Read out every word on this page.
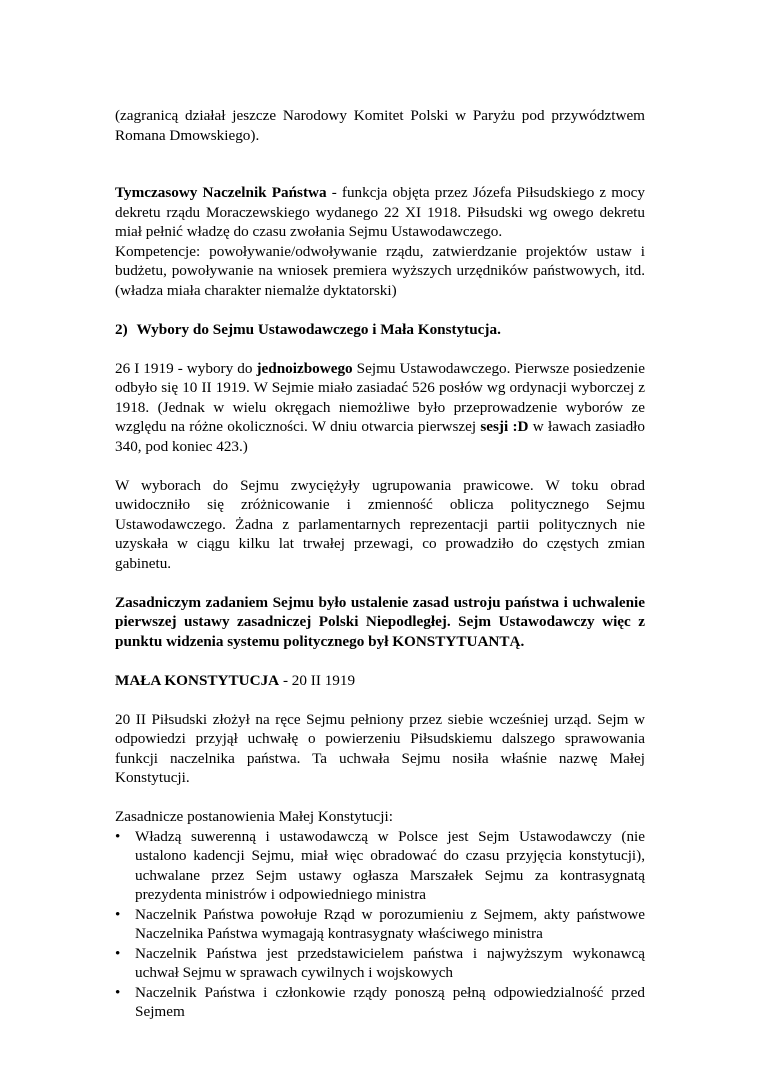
(zagranicą działał jeszcze Narodowy Komitet Polski w Paryżu pod przywództwem Romana Dmowskiego).

Tymczasowy Naczelnik Państwa - funkcja objęta przez Józefa Piłsudskiego z mocy dekretu rządu Moraczewskiego wydanego 22 XI 1918. Piłsudski wg owego dekretu miał pełnić władzę do czasu zwołania Sejmu Ustawodawczego.
Kompetencje: powoływanie/odwoływanie rządu, zatwierdzanie projektów ustaw i budżetu, powoływanie na wniosek premiera wyższych urzędników państwowych, itd. (władza miała charakter niemalże dyktatorski)

2) Wybory do Sejmu Ustawodawczego i Mała Konstytucja.

26 I 1919 - wybory do jednoizbowego Sejmu Ustawodawczego. Pierwsze posiedzenie odbyło się 10 II 1919. W Sejmie miało zasiadać 526 posłów wg ordynacji wyborczej z 1918. (Jednak w wielu okręgach niemożliwe było przeprowadzenie wyborów ze względu na różne okoliczności. W dniu otwarcia pierwszej sesji :D w ławach zasiadło 340, pod koniec 423.)

W wyborach do Sejmu zwyciężyły ugrupowania prawicowe. W toku obrad uwidoczniło się zróżnicowanie i zmienność oblicza politycznego Sejmu Ustawodawczego. Żadna z parlamentarnych reprezentacji partii politycznych nie uzyskała w ciągu kilku lat trwałej przewagi, co prowadziło do częstych zmian gabinetu.

Zasadniczym zadaniem Sejmu było ustalenie zasad ustroju państwa i uchwalenie pierwszej ustawy zasadniczej Polski Niepodległej. Sejm Ustawodawczy więc z punktu widzenia systemu politycznego był KONSTYTUANTĄ.

MAŁA KONSTYTUCJA - 20 II 1919

20 II Piłsudski złożył na ręce Sejmu pełniony przez siebie wcześniej urząd. Sejm w odpowiedzi przyjął uchwałę o powierzeniu Piłsudskiemu dalszego sprawowania funkcji naczelnika państwa. Ta uchwała Sejmu nosiła właśnie nazwę Małej Konstytucji.

Zasadnicze postanowienia Małej Konstytucji:

• Władzą suwerenną i ustawodawczą w Polsce jest Sejm Ustawodawczy (nie ustalono kadencji Sejmu, miał więc obradować do czasu przyjęcia konstytucji), uchwalane przez Sejm ustawy ogłasza Marszałek Sejmu za kontrasygnatą prezydenta ministrów i odpowiedniego ministra
• Naczelnik Państwa powołuje Rząd w porozumieniu z Sejmem, akty państwowe Naczelnika Państwa wymagają kontrasygnaty właściwego ministra
• Naczelnik Państwa jest przedstawicielem państwa i najwyższym wykonawcą uchwał Sejmu w sprawach cywilnych i wojskowych
• Naczelnik Państwa i członkowie rządy ponoszą pełną odpowiedzialność przed Sejmem
